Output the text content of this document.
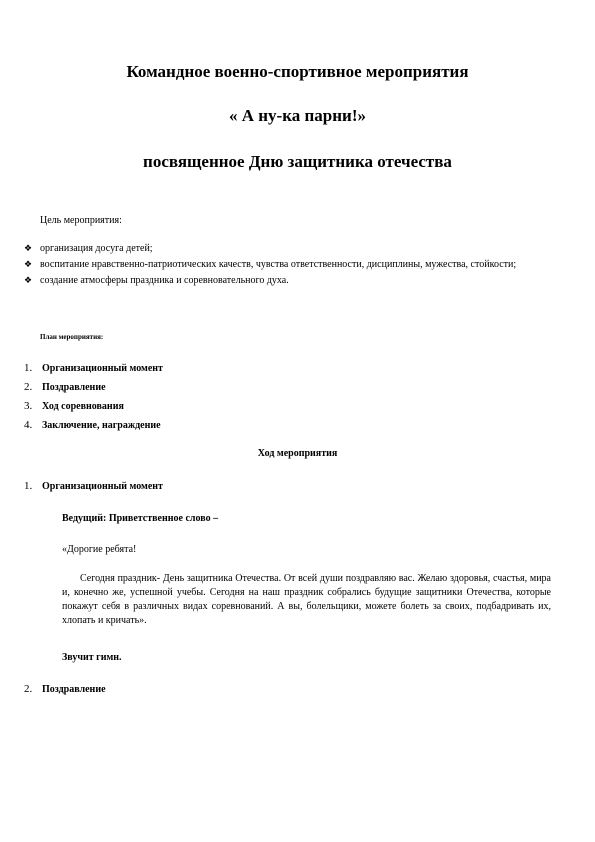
Командное военно-спортивное мероприятия
« А ну-ка парни!»
посвященное Дню защитника отечества

Цель мероприятия:

❖ организация досуга детей;
❖ воспитание нравственно-патриотических качеств, чувства ответственности, дисциплины, мужества, стойкости;
❖ создание атмосферы праздника и соревновательного духа.

План мероприятия:

1. Организационный момент
2. Поздравление
3. Ход соревнования
4. Заключение, награждение

Ход мероприятия

1. Организационный момент

Ведущий: Приветственное слово –

«Дорогие ребята!

Сегодня праздник- День защитника Отечества. От всей души поздравляю вас. Желаю здоровья, счастья, мира и, конечно же, успешной учебы. Сегодня на наш праздник собрались будущие защитники Отечества, которые покажут себя в различных видах соревнований. А вы, болельщики, можете болеть за своих, подбадривать их, хлопать и кричать».

Звучит гимн.

2. Поздравление
